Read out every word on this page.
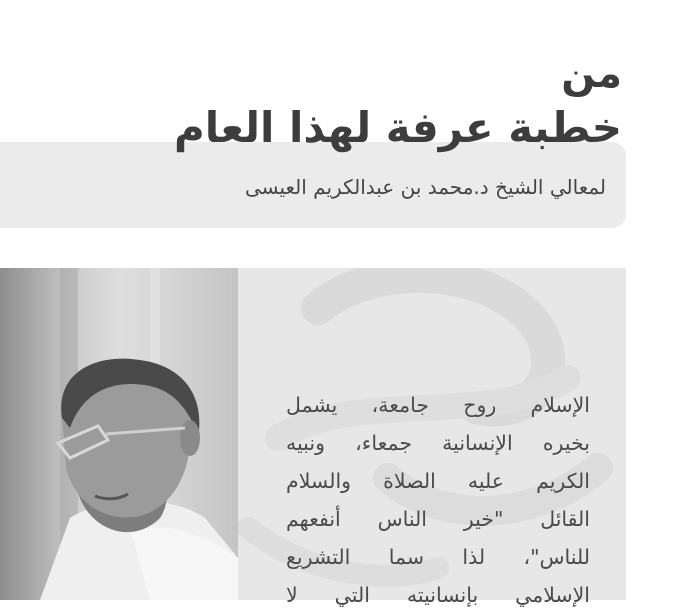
من
خطبة عرفة لهذا العام
لمعالي الشيخ د.محمد بن عبدالكريم العيسى
الإسلام روح جامعة، يشمل
بخيره الإنسانية جمعاء، ونبيه
الكريم عليه الصلاة والسلام
القائل "خير الناس أنفعهم
للناس"، لذا سما التشريع
الإسلامي بإنسانيته التي لا
